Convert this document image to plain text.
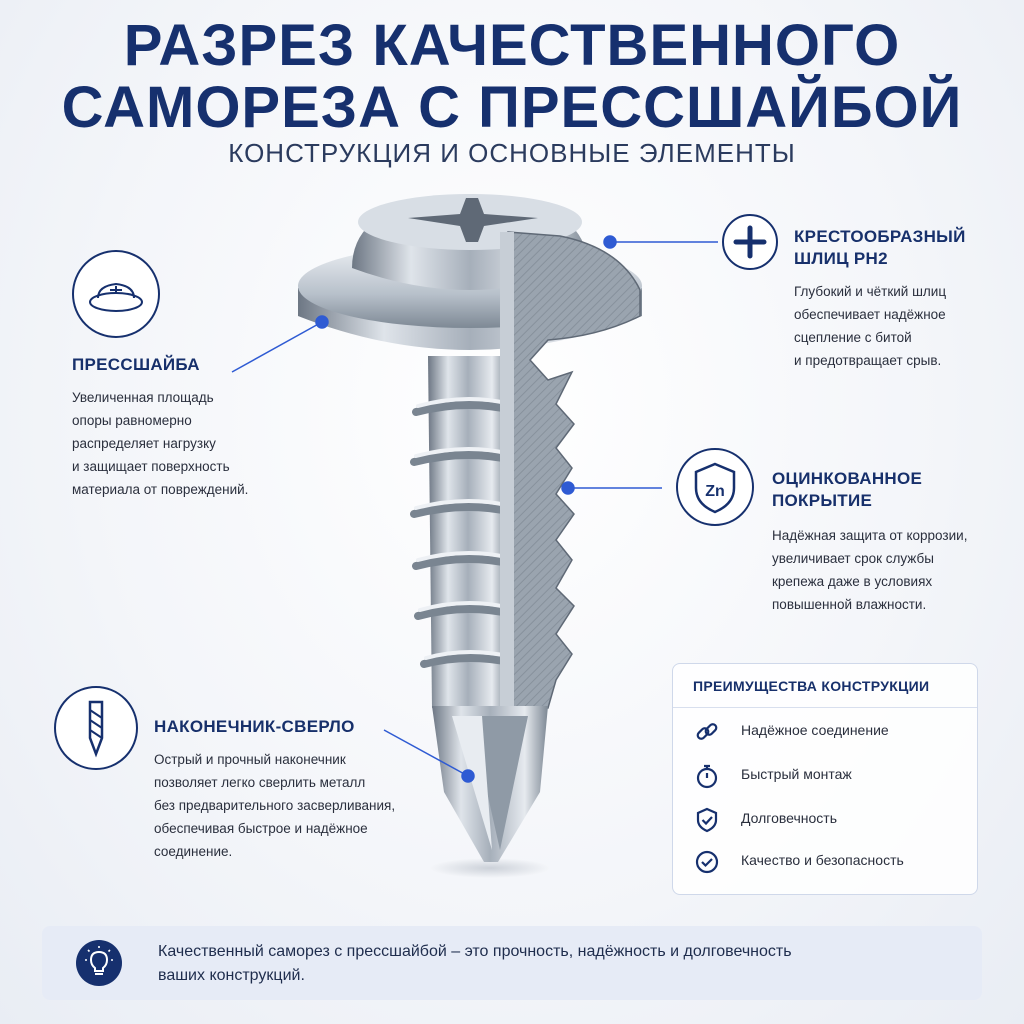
РАЗРЕЗ КАЧЕСТВЕННОГО
САМОРЕЗА С ПРЕССШАЙБОЙ
КОНСТРУКЦИЯ И ОСНОВНЫЕ ЭЛЕМЕНТЫ
ПРЕССШАЙБА
Увеличенная площадь
опоры равномерно
распределяет нагрузку
и защищает поверхность
материала от повреждений.
КРЕСТООБРАЗНЫЙ
ШЛИЦ PH2
Глубокий и чёткий шлиц
обеспечивает надёжное
сцепление с битой
и предотвращает срыв.
Zn
ОЦИНКОВАННОЕ
ПОКРЫТИЕ
Надёжная защита от коррозии,
увеличивает срок службы
крепежа даже в условиях
повышенной влажности.
НАКОНЕЧНИК-СВЕРЛО
Острый и прочный наконечник
позволяет легко сверлить металл
без предварительного засверливания,
обеспечивая быстрое и надёжное
соединение.
ПРЕИМУЩЕСТВА КОНСТРУКЦИИ
Надёжное соединение
Быстрый монтаж
Долговечность
Качество и безопасность
Качественный саморез с прессшайбой – это прочность, надёжность и долговечность
ваших конструкций.
